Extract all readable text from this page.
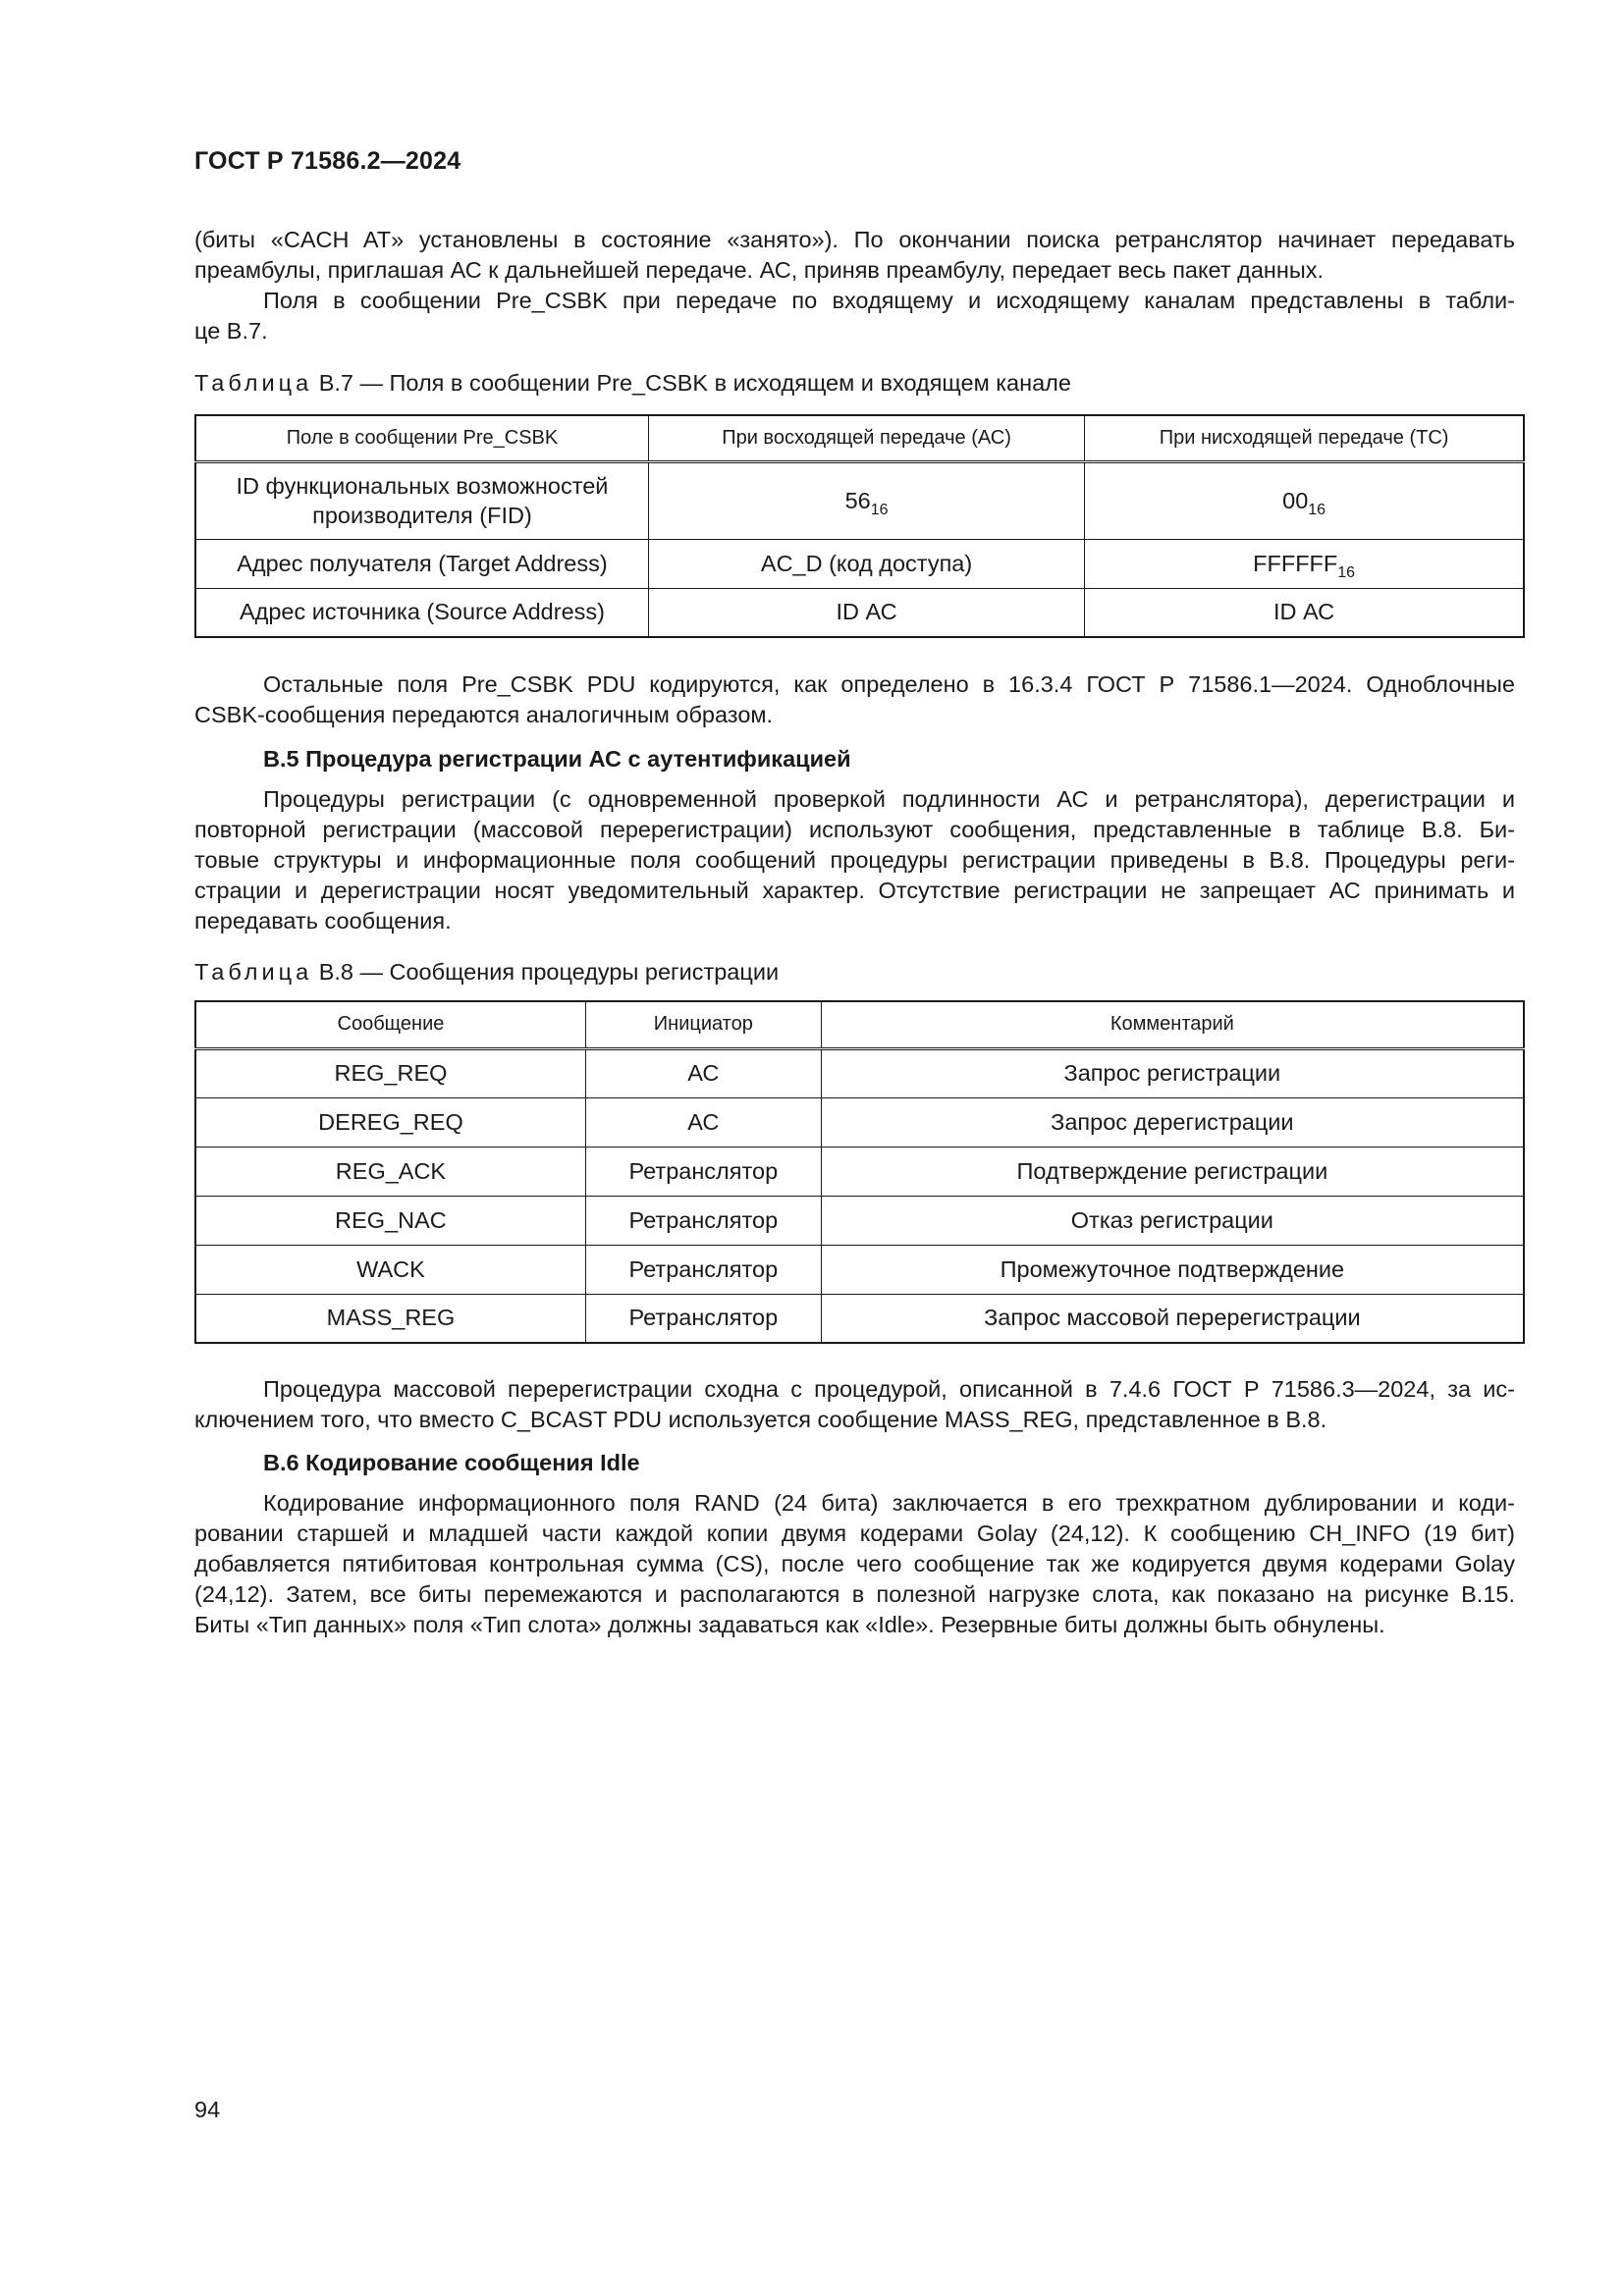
ГОСТ Р 71586.2—2024
(биты «CACH AT» установлены в состояние «занято»). По окончании поиска ретранслятор начинает передавать
преамбулы, приглашая АС к дальнейшей передаче. АС, приняв преамбулу, передает весь пакет данных.
Поля в сообщении Pre_CSBK при передаче по входящему и исходящему каналам представлены в табли-
це В.7.
Таблица В.7 — Поля в сообщении Pre_CSBK в исходящем и входящем канале
Поле в сообщении Pre_CSBK	При восходящей передаче (АС)	При нисходящей передаче (ТС)
ID функциональных возможностей
производителя (FID)	$56_{16}$	$00_{16}$
Адрес получателя (Target Address)	AC_D (код доступа)	$FFFFFF_{16}$
Адрес источника (Source Address)	ID АС	ID АС
Остальные поля Pre_CSBK PDU кодируются, как определено в 16.3.4 ГОСТ Р 71586.1—2024. Одноблочные
CSBK-сообщения передаются аналогичным образом.
В.5 Процедура регистрации АС с аутентификацией
Процедуры регистрации (с одновременной проверкой подлинности АС и ретранслятора), дерегистрации и
повторной регистрации (массовой перерегистрации) используют сообщения, представленные в таблице В.8. Би-
товые структуры и информационные поля сообщений процедуры регистрации приведены в В.8. Процедуры реги-
страции и дерегистрации носят уведомительный характер. Отсутствие регистрации не запрещает АС принимать и
передавать сообщения.
Таблица В.8 — Сообщения процедуры регистрации
Сообщение	Инициатор	Комментарий
REG_REQ	АС	Запрос регистрации
DEREG_REQ	АС	Запрос дерегистрации
REG_ACK	Ретранслятор	Подтверждение регистрации
REG_NAC	Ретранслятор	Отказ регистрации
WACK	Ретранслятор	Промежуточное подтверждение
MASS_REG	Ретранслятор	Запрос массовой перерегистрации
Процедура массовой перерегистрации сходна с процедурой, описанной в 7.4.6 ГОСТ Р 71586.3—2024, за ис-
ключением того, что вместо C_BCAST PDU используется сообщение MASS_REG, представленное в В.8.
В.6 Кодирование сообщения Idle
Кодирование информационного поля RAND (24 бита) заключается в его трехкратном дублировании и коди-
ровании старшей и младшей части каждой копии двумя кодерами Golay (24,12). К сообщению CH_INFO (19 бит)
добавляется пятибитовая контрольная сумма (CS), после чего сообщение так же кодируется двумя кодерами Golay
(24,12). Затем, все биты перемежаются и располагаются в полезной нагрузке слота, как показано на рисунке В.15.
Биты «Тип данных» поля «Тип слота» должны задаваться как «Idle». Резервные биты должны быть обнулены.
94
